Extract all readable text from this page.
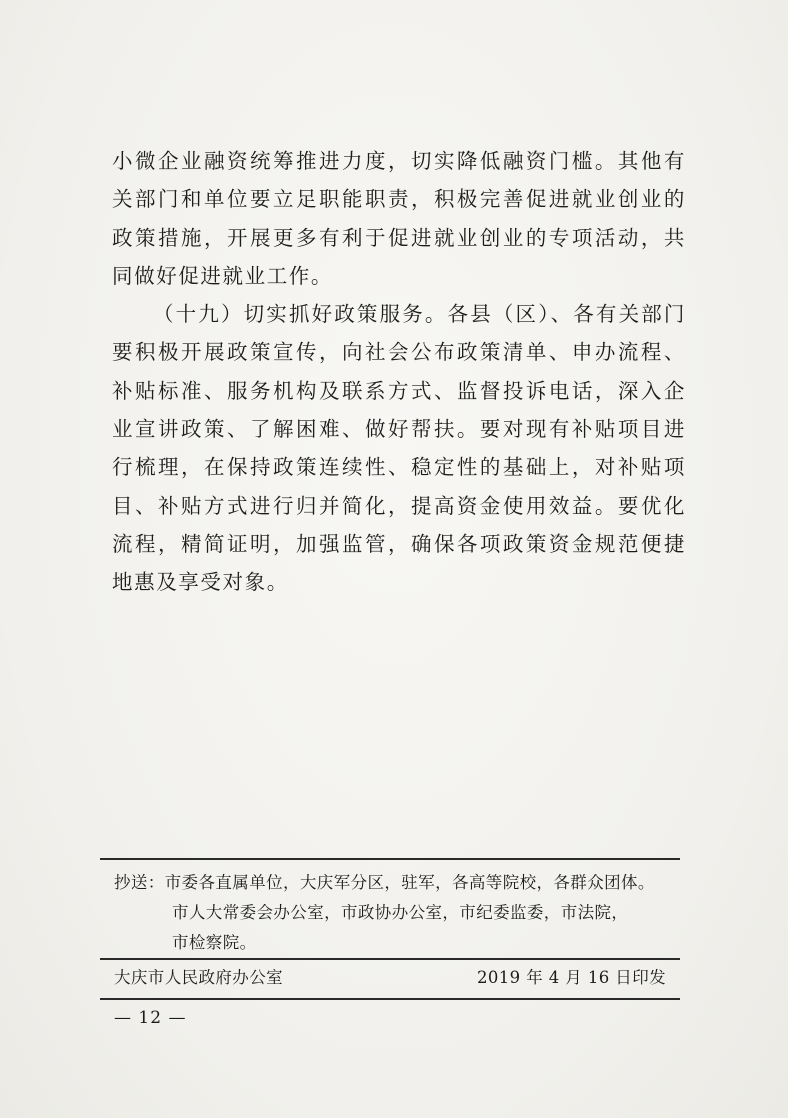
小微企业融资统筹推进力度，切实降低融资门槛。其他有关部门和单位要立足职能职责，积极完善促进就业创业的政策措施，开展更多有利于促进就业创业的专项活动，共同做好促进就业工作。

（十九）切实抓好政策服务。各县（区）、各有关部门要积极开展政策宣传，向社会公布政策清单、申办流程、补贴标准、服务机构及联系方式、监督投诉电话，深入企业宣讲政策、了解困难、做好帮扶。要对现有补贴项目进行梳理，在保持政策连续性、稳定性的基础上，对补贴项目、补贴方式进行归并简化，提高资金使用效益。要优化流程，精简证明，加强监管，确保各项政策资金规范便捷地惠及享受对象。

抄送：市委各直属单位，大庆军分区，驻军，各高等院校，各群众团体。
市人大常委会办公室，市政协办公室，市纪委监委，市法院，
市检察院。
大庆市人民政府办公室	2019 年 4 月 16 日印发
— 12 —
